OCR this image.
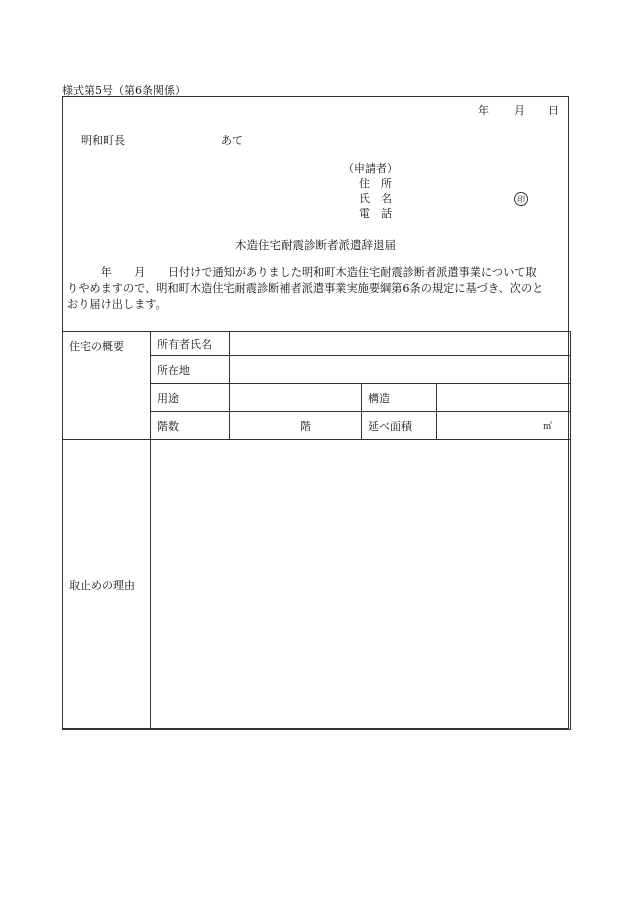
様式第5号（第6条関係）
年	月	日
明和町長	あて
（申請者）
住　所
氏　名
電　話
印
木造住宅耐震診断者派遣辞退届
　　　年　　月　　日付けで通知がありました明和町木造住宅耐震診断者派遣事業について取
りやめますので、明和町木造住宅耐震診断補者派遣事業実施要綱第6条の規定に基づき、次のと
おり届け出します。
住宅の概要	所有者氏名			
	所在地			
	用途		構造	
	階数	階	延べ面積	㎡
取止めの理由				
